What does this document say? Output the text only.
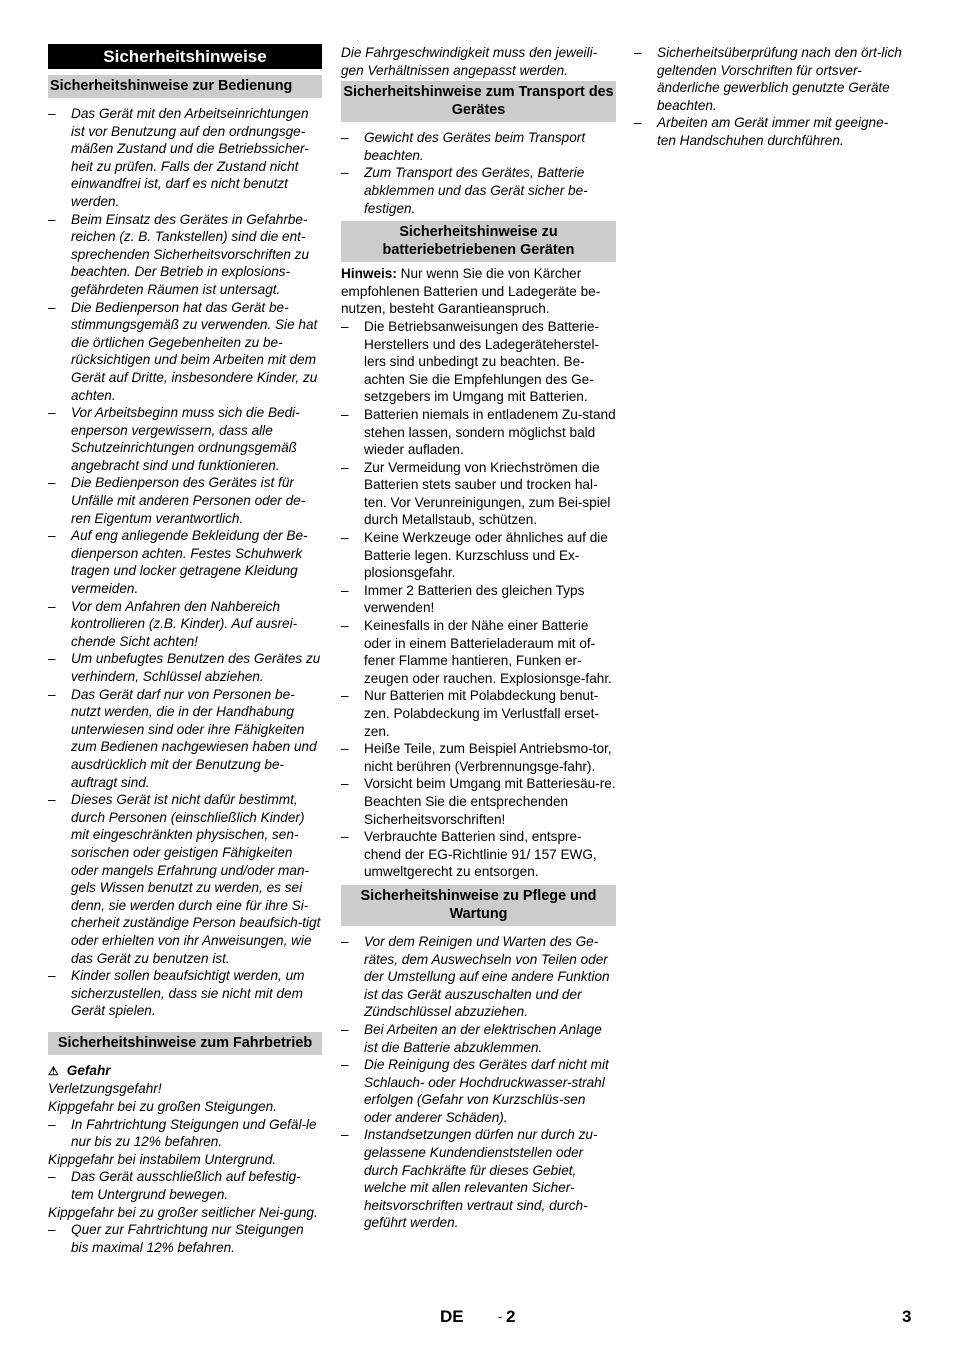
Sicherheitshinweise
Sicherheitshinweise zur Bedienung
– Das Gerät mit den Arbeitseinrichtungen ist vor Benutzung auf den ordnungsge-mäßen Zustand und die Betriebssicher-heit zu prüfen. Falls der Zustand nicht einwandfrei ist, darf es nicht benutzt werden.
– Beim Einsatz des Gerätes in Gefahrbe-reichen (z. B. Tankstellen) sind die ent-sprechenden Sicherheitsvorschriften zu beachten. Der Betrieb in explosions-gefährdeten Räumen ist untersagt.
– Die Bedienperson hat das Gerät be-stimmungsgemäß zu verwenden. Sie hat die örtlichen Gegebenheiten zu be-rücksichtigen und beim Arbeiten mit dem Gerät auf Dritte, insbesondere Kinder, zu achten.
– Vor Arbeitsbeginn muss sich die Bedi-enperson vergewissern, dass alle Schutzeinrichtungen ordnungsgemäß angebracht sind und funktionieren.
– Die Bedienperson des Gerätes ist für Unfälle mit anderen Personen oder de-ren Eigentum verantwortlich.
– Auf eng anliegende Bekleidung der Be-dienperson achten. Festes Schuhwerk tragen und locker getragene Kleidung vermeiden.
– Vor dem Anfahren den Nahbereich kontrollieren (z.B. Kinder). Auf ausrei-chende Sicht achten!
– Um unbefugtes Benutzen des Gerätes zu verhindern, Schlüssel abziehen.
– Das Gerät darf nur von Personen be-nutzt werden, die in der Handhabung unterwiesen sind oder ihre Fähigkeiten zum Bedienen nachgewiesen haben und ausdrücklich mit der Benutzung be-auftragt sind.
– Dieses Gerät ist nicht dafür bestimmt, durch Personen (einschließlich Kinder) mit eingeschränkten physischen, sen-sorischen oder geistigen Fähigkeiten oder mangels Erfahrung und/oder man-gels Wissen benutzt zu werden, es sei denn, sie werden durch eine für ihre Si-cherheit zuständige Person beaufsich-tigt oder erhielten von ihr Anweisungen, wie das Gerät zu benutzen ist.
– Kinder sollen beaufsichtigt werden, um sicherzustellen, dass sie nicht mit dem Gerät spielen.
Sicherheitshinweise zum Fahrbetrieb
⚠ Gefahr

Verletzungsgefahr!

Kippgefahr bei zu großen Steigungen.

– In Fahrtrichtung Steigungen und Gefäl-le nur bis zu 12% befahren.

Kippgefahr bei instabilem Untergrund.

– Das Gerät ausschließlich auf befestig-tem Untergrund bewegen.

Kippgefahr bei zu großer seitlicher Nei-gung.

– Quer zur Fahrtrichtung nur Steigungen bis maximal 12% befahren.

Die Fahrgeschwindigkeit muss den jeweili-gen Verhältnissen angepasst werden.

Sicherheitshinweise zum Transport des Gerätes
– Gewicht des Gerätes beim Transport beachten.
– Zum Transport des Gerätes, Batterie abklemmen und das Gerät sicher be-festigen.
Sicherheitshinweise zu batteriebetriebenen Geräten

Hinweis: Nur wenn Sie die von Kärcher empfohlenen Batterien und Ladegeräte be-nutzen, besteht Garantieanspruch.

– Die Betriebsanweisungen des Batterie-Herstellers und des Ladegeräteherstel-lers sind unbedingt zu beachten. Be-achten Sie die Empfehlungen des Ge-setzgebers im Umgang mit Batterien.
– Batterien niemals in entladenem Zu-stand stehen lassen, sondern möglichst bald wieder aufladen.
– Zur Vermeidung von Kriechströmen die Batterien stets sauber und trocken hal-ten. Vor Verunreinigungen, zum Bei-spiel durch Metallstaub, schützen.
– Keine Werkzeuge oder ähnliches auf die Batterie legen. Kurzschluss und Ex-plosionsgefahr.
– Immer 2 Batterien des gleichen Typs verwenden!
– Keinesfalls in der Nähe einer Batterie oder in einem Batterieladeraum mit of-fener Flamme hantieren, Funken er-zeugen oder rauchen. Explosionsge-fahr.
– Nur Batterien mit Polabdeckung benut-zen. Polabdeckung im Verlustfall erset-zen.
– Heiße Teile, zum Beispiel Antriebsmo-tor, nicht berühren (Verbrennungsge-fahr).
– Vorsicht beim Umgang mit Batteriesäu-re. Beachten Sie die entsprechenden Sicherheitsvorschriften!
– Verbrauchte Batterien sind, entspre-chend der EG-Richtlinie 91/ 157 EWG, umweltgerecht zu entsorgen.
Sicherheitshinweise zu Pflege und Wartung
– Vor dem Reinigen und Warten des Ge-rätes, dem Auswechseln von Teilen oder der Umstellung auf eine andere Funktion ist das Gerät auszuschalten und der Zündschlüssel abzuziehen.
– Bei Arbeiten an der elektrischen Anlage ist die Batterie abzuklemmen.
– Die Reinigung des Gerätes darf nicht mit Schlauch- oder Hochdruckwasser-strahl erfolgen (Gefahr von Kurzschlüs-sen oder anderer Schäden).
– Instandsetzungen dürfen nur durch zu-gelassene Kundendienststellen oder durch Fachkräfte für dieses Gebiet, welche mit allen relevanten Sicher-heitsvorschriften vertraut sind, durch-geführt werden.
– Sicherheitsüberprüfung nach den ört-lich geltenden Vorschriften für ortsver-änderliche gewerblich genutzte Geräte beachten.
– Arbeiten am Gerät immer mit geeigne-ten Handschuhen durchführen.
DE	- 2	3
